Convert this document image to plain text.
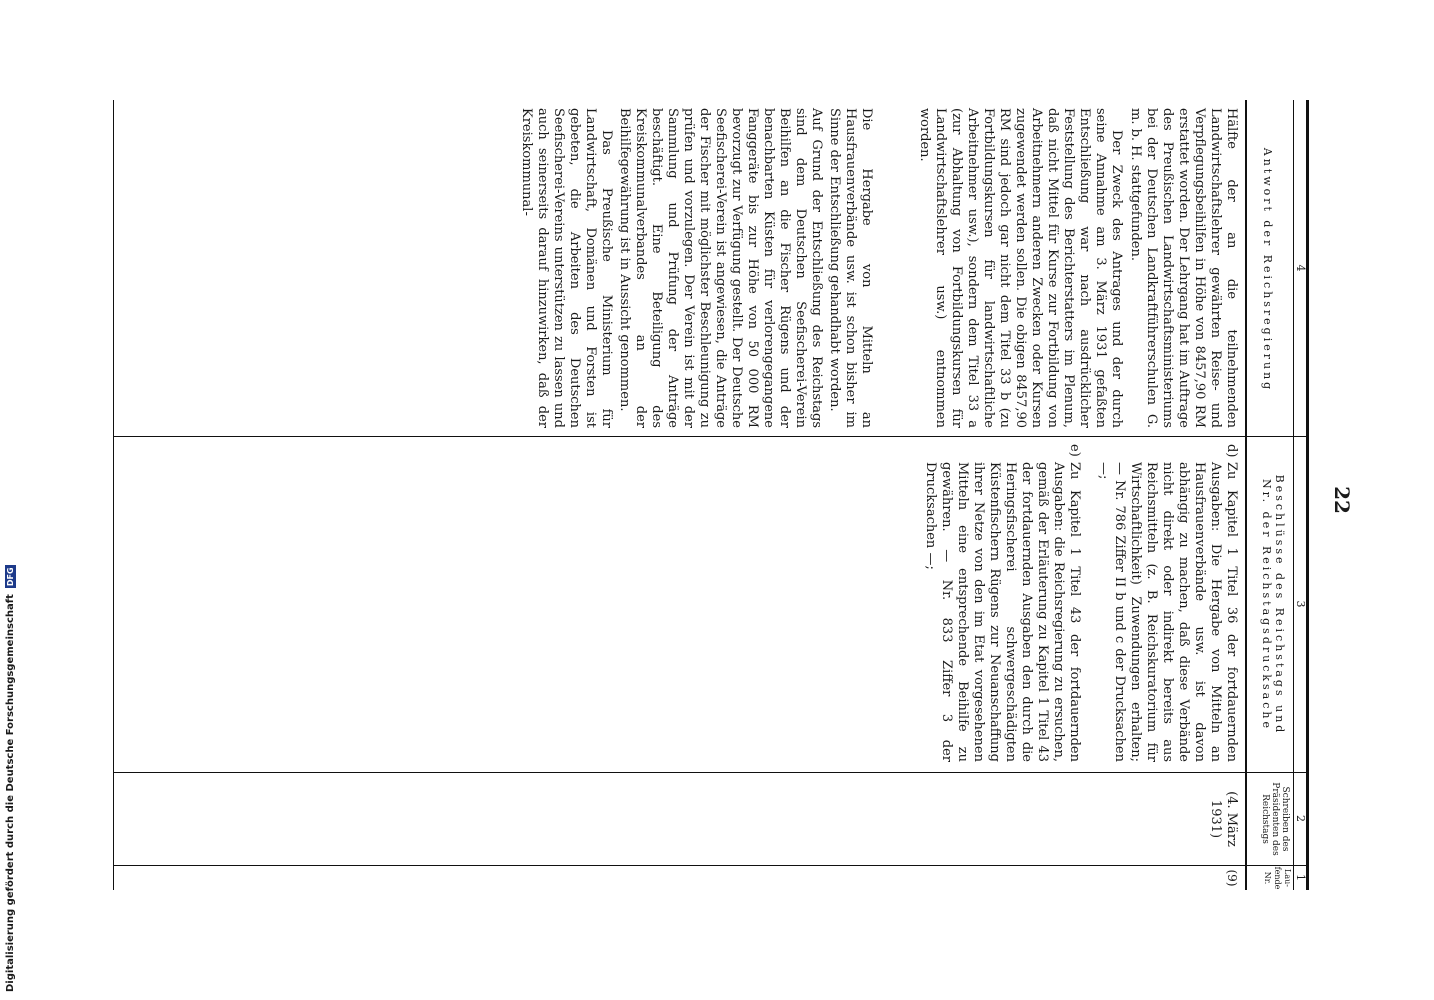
22
1
2
3
4
Lau-fende Nr.
Schreiben des Präsidenten des Reichstags
Beschlüsse des Reichstags und Nr. der Reichstagsdrucksache
Antwort der Reichsregierung
(9)
(4. März 1931)
d)
Zu Kapitel 1 Titel 36 der fortdauernden Ausgaben: Die Hergabe von Mitteln an Hausfrauenverbände usw. ist davon abhängig zu machen, daß diese Verbände nicht direkt oder indirekt bereits aus Reichsmitteln (z. B. Reichskuratorium für Wirtschaftlichkeit) Zuwendungen erhalten; — Nr. 786 Ziffer II b und c der Drucksachen —;
e)
Zu Kapitel 1 Titel 43 der fortdauernden Ausgaben: die Reichsregierung zu ersuchen, gemäß der Erläuterung zu Kapitel 1 Titel 43 der fortdauernden Ausgaben den durch die Heringsfischerei schwergeschädigten Küstenfischern Rügens zur Neuanschaffung ihrer Netze von den im Etat vorgesehenen Mitteln eine entsprechende Beihilfe zu gewähren. — Nr. 833 Ziffer 3 der Drucksachen —;
Hälfte der an die teilnehmenden Landwirtschaftslehrer gewährten Reise- und Verpflegungsbeihilfen in Höhe von 8457,90 RM erstattet worden. Der Lehrgang hat im Auftrage des Preußischen Landwirtschaftsministeriums bei der Deutschen Landkraftführerschulen G. m. b. H. stattgefunden.
Der Zweck des Antrages und der durch seine Annahme am 3. März 1931 gefaßten Entschließung war nach ausdrücklicher Feststellung des Berichterstatters im Plenum, daß nicht Mittel für Kurse zur Fortbildung von Arbeitnehmern anderen Zwecken oder Kursen zugewendet werden sollen. Die obigen 8457,90 RM sind jedoch gar nicht dem Titel 33 b (zu Fortbildungskursen für landwirtschaftliche Arbeitnehmer usw.), sondern dem Titel 33 a (zur Abhaltung von Fortbildungskursen für Landwirtschaftslehrer usw.) entnommen worden.
Die Hergabe von Mitteln an Hausfrauenverbände usw. ist schon bisher im Sinne der Entschließung gehandhabt worden.
Auf Grund der Entschließung des Reichstags sind dem Deutschen Seefischerei-Verein Beihilfen an die Fischer Rügens und der benachbarten Küsten für verlorengegangene Fanggeräte bis zur Höhe von 50 000 RM bevorzugt zur Verfügung gestellt. Der Deutsche Seefischerei-Verein ist angewiesen, die Anträge der Fischer mit möglichster Beschleunigung zu prüfen und vorzulegen. Der Verein ist mit der Sammlung und Prüfung der Anträge beschäftigt. Eine Beteiligung des Kreiskommunalverbandes an der Beihilfegewährung ist in Aussicht genommen.
Das Preußische Ministerium für Landwirtschaft, Domänen und Forsten ist gebeten, die Arbeiten des Deutschen Seefischerei-Vereins unterstützen zu lassen und auch seinerseits darauf hinzuwirken, daß der Kreiskommunal-
Digitalisierung gefördert durch die Deutsche Forschungsgemeinschaft
DFG
